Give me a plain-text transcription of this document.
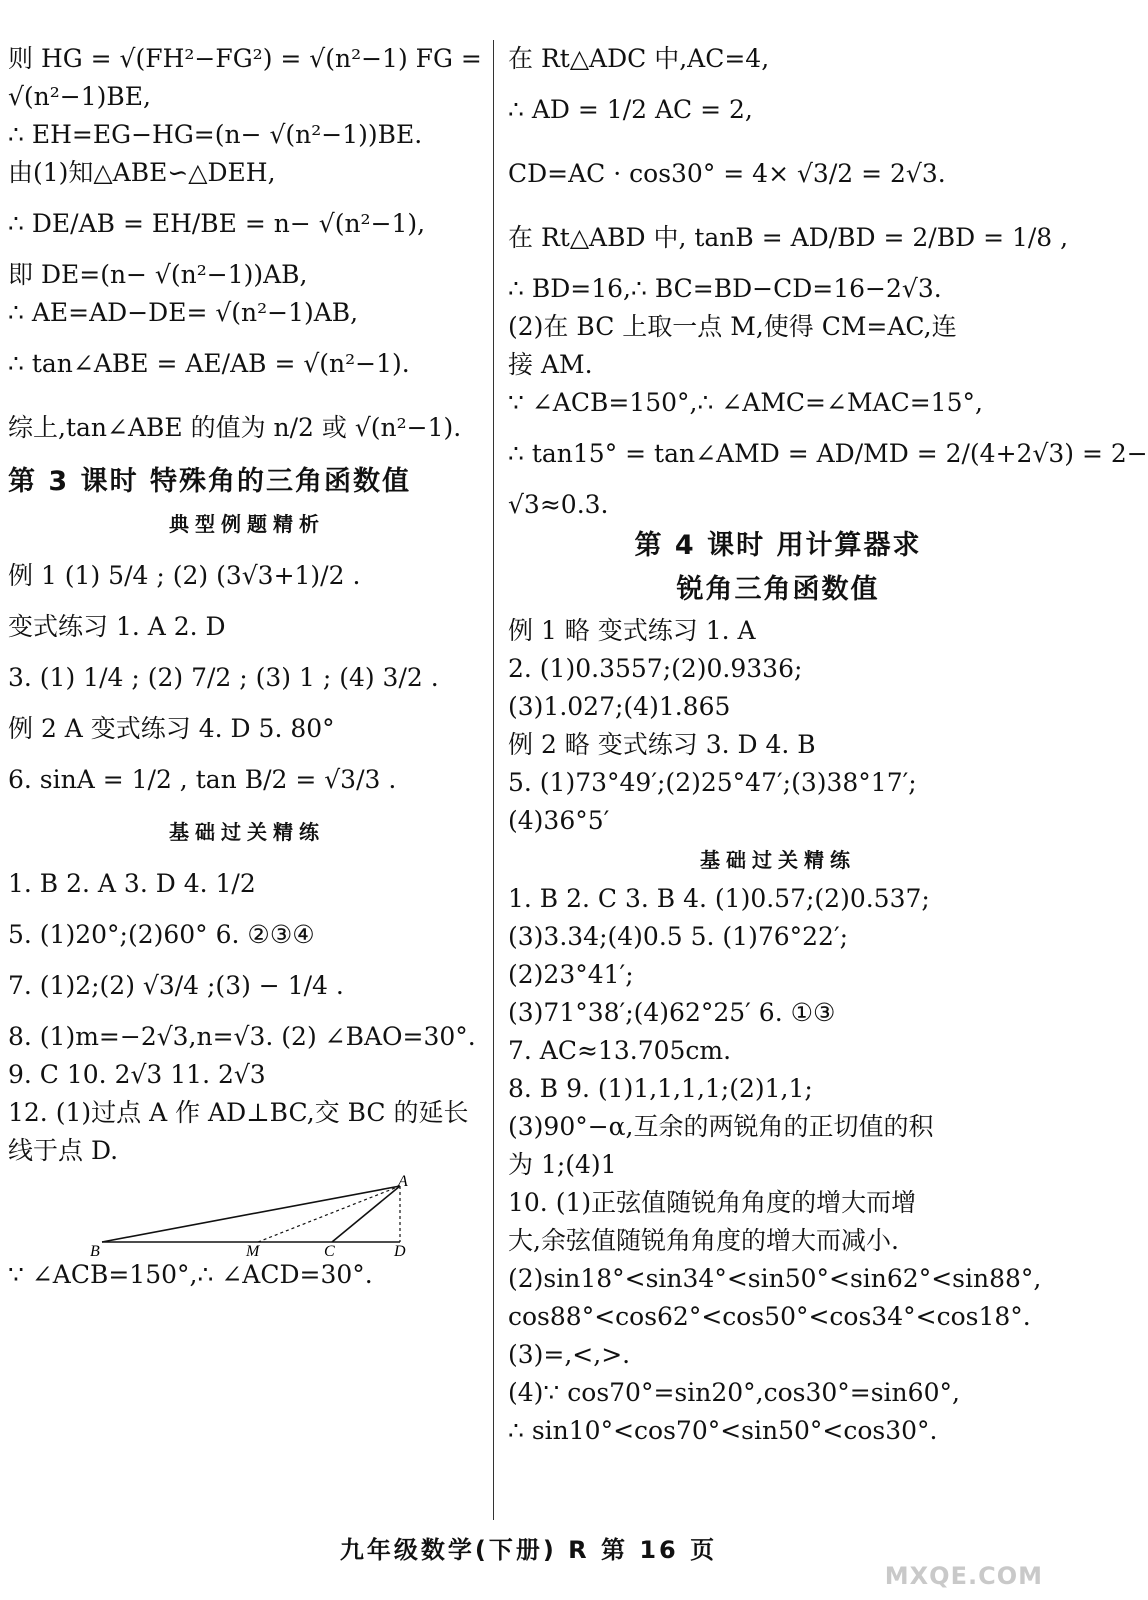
则 HG = √(FH²−FG²) = √(n²−1) FG =

√(n²−1)BE,

∴ EH=EG−HG=(n− √(n²−1))BE.

由(1)知△ABE∽△DEH,

∴ DE/AB = EH/BE = n− √(n²−1),

即 DE=(n− √(n²−1))AB,

∴ AE=AD−DE= √(n²−1)AB,

∴ tan∠ABE = AE/AB = √(n²−1).

综上,tan∠ABE 的值为 n/2 或 √(n²−1).

第 3 课时 特殊角的三角函数值
典型例题精析

例 1 (1) 5/4 ; (2) (3√3+1)/2 .

变式练习 1. A 2. D

3. (1) 1/4 ; (2) 7/2 ; (3) 1 ; (4) 3/2 .

例 2 A 变式练习 4. D 5. 80°

6. sinA = 1/2 , tan B/2 = √3/3 .

基础过关精练

1. B 2. A 3. D 4. 1/2

5. (1)20°;(2)60° 6. ②③④

7. (1)2;(2) √3/4 ;(3) − 1/4 .

8. (1)m=−2√3,n=√3. (2) ∠BAO=30°.

9. C 10. 2√3 11. 2√3

12. (1)过点 A 作 AD⊥BC,交 BC 的延长

线于点 D.

A
B	M	C	D

∵ ∠ACB=150°,∴ ∠ACD=30°.

在 Rt△ADC 中,AC=4,

∴ AD = 1/2 AC = 2,

CD=AC · cos30° = 4× √3/2 = 2√3.

在 Rt△ABD 中, tanB = AD/BD = 2/BD = 1/8 ,

∴ BD=16,∴ BC=BD−CD=16−2√3.

(2)在 BC 上取一点 M,使得 CM=AC,连

接 AM.

∵ ∠ACB=150°,∴ ∠AMC=∠MAC=15°,

∴ tan15° = tan∠AMD = AD/MD = 2/(4+2√3) = 2−

√3≈0.3.

第 4 课时 用计算器求
锐角三角函数值

例 1 略 变式练习 1. A

2. (1)0.3557;(2)0.9336;

(3)1.027;(4)1.865

例 2 略 变式练习 3. D 4. B

5. (1)73°49′;(2)25°47′;(3)38°17′;

(4)36°5′

基础过关精练

1. B 2. C 3. B 4. (1)0.57;(2)0.537;

(3)3.34;(4)0.5 5. (1)76°22′;

(2)23°41′;

(3)71°38′;(4)62°25′ 6. ①③

7. AC≈13.705cm.

8. B 9. (1)1,1,1,1;(2)1,1;

(3)90°−α,互余的两锐角的正切值的积

为 1;(4)1

10. (1)正弦值随锐角角度的增大而增

大,余弦值随锐角角度的增大而减小.

(2)sin18°<sin34°<sin50°<sin62°<sin88°,

cos88°<cos62°<cos50°<cos34°<cos18°.

(3)=,<,>.

(4)∵ cos70°=sin20°,cos30°=sin60°,

∴ sin10°<cos70°<sin50°<cos30°.

九年级数学(下册) R 第 16 页
MXQE.COM
